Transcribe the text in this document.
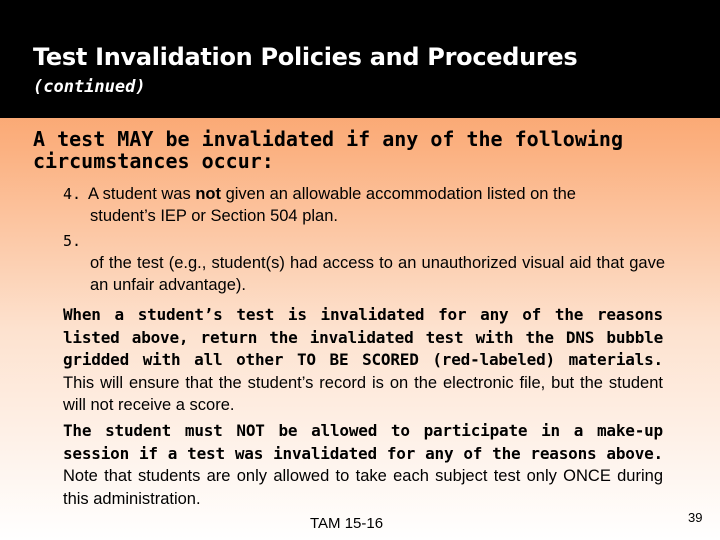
Test Invalidation Policies and Procedures
(continued)
A test MAY be invalidated if any of the following circumstances occur:
4. A student was not given an allowable accommodation listed on the
student’s IEP or Section 504 plan.
5.
of the test (e.g., student(s) had access to an unauthorized visual aid that gave an unfair advantage).
When a student’s test is invalidated for any of the reasons listed above, return the invalidated test with the DNS bubble gridded with all other TO BE SCORED (red-labeled) materials. This will ensure that the student’s record is on the electronic file, but the student will not receive a score.
The student must NOT be allowed to participate in a make-up session if a test was invalidated for any of the reasons above. Note that students are only allowed to take each subject test only ONCE during this administration.
TAM 15-16	39
